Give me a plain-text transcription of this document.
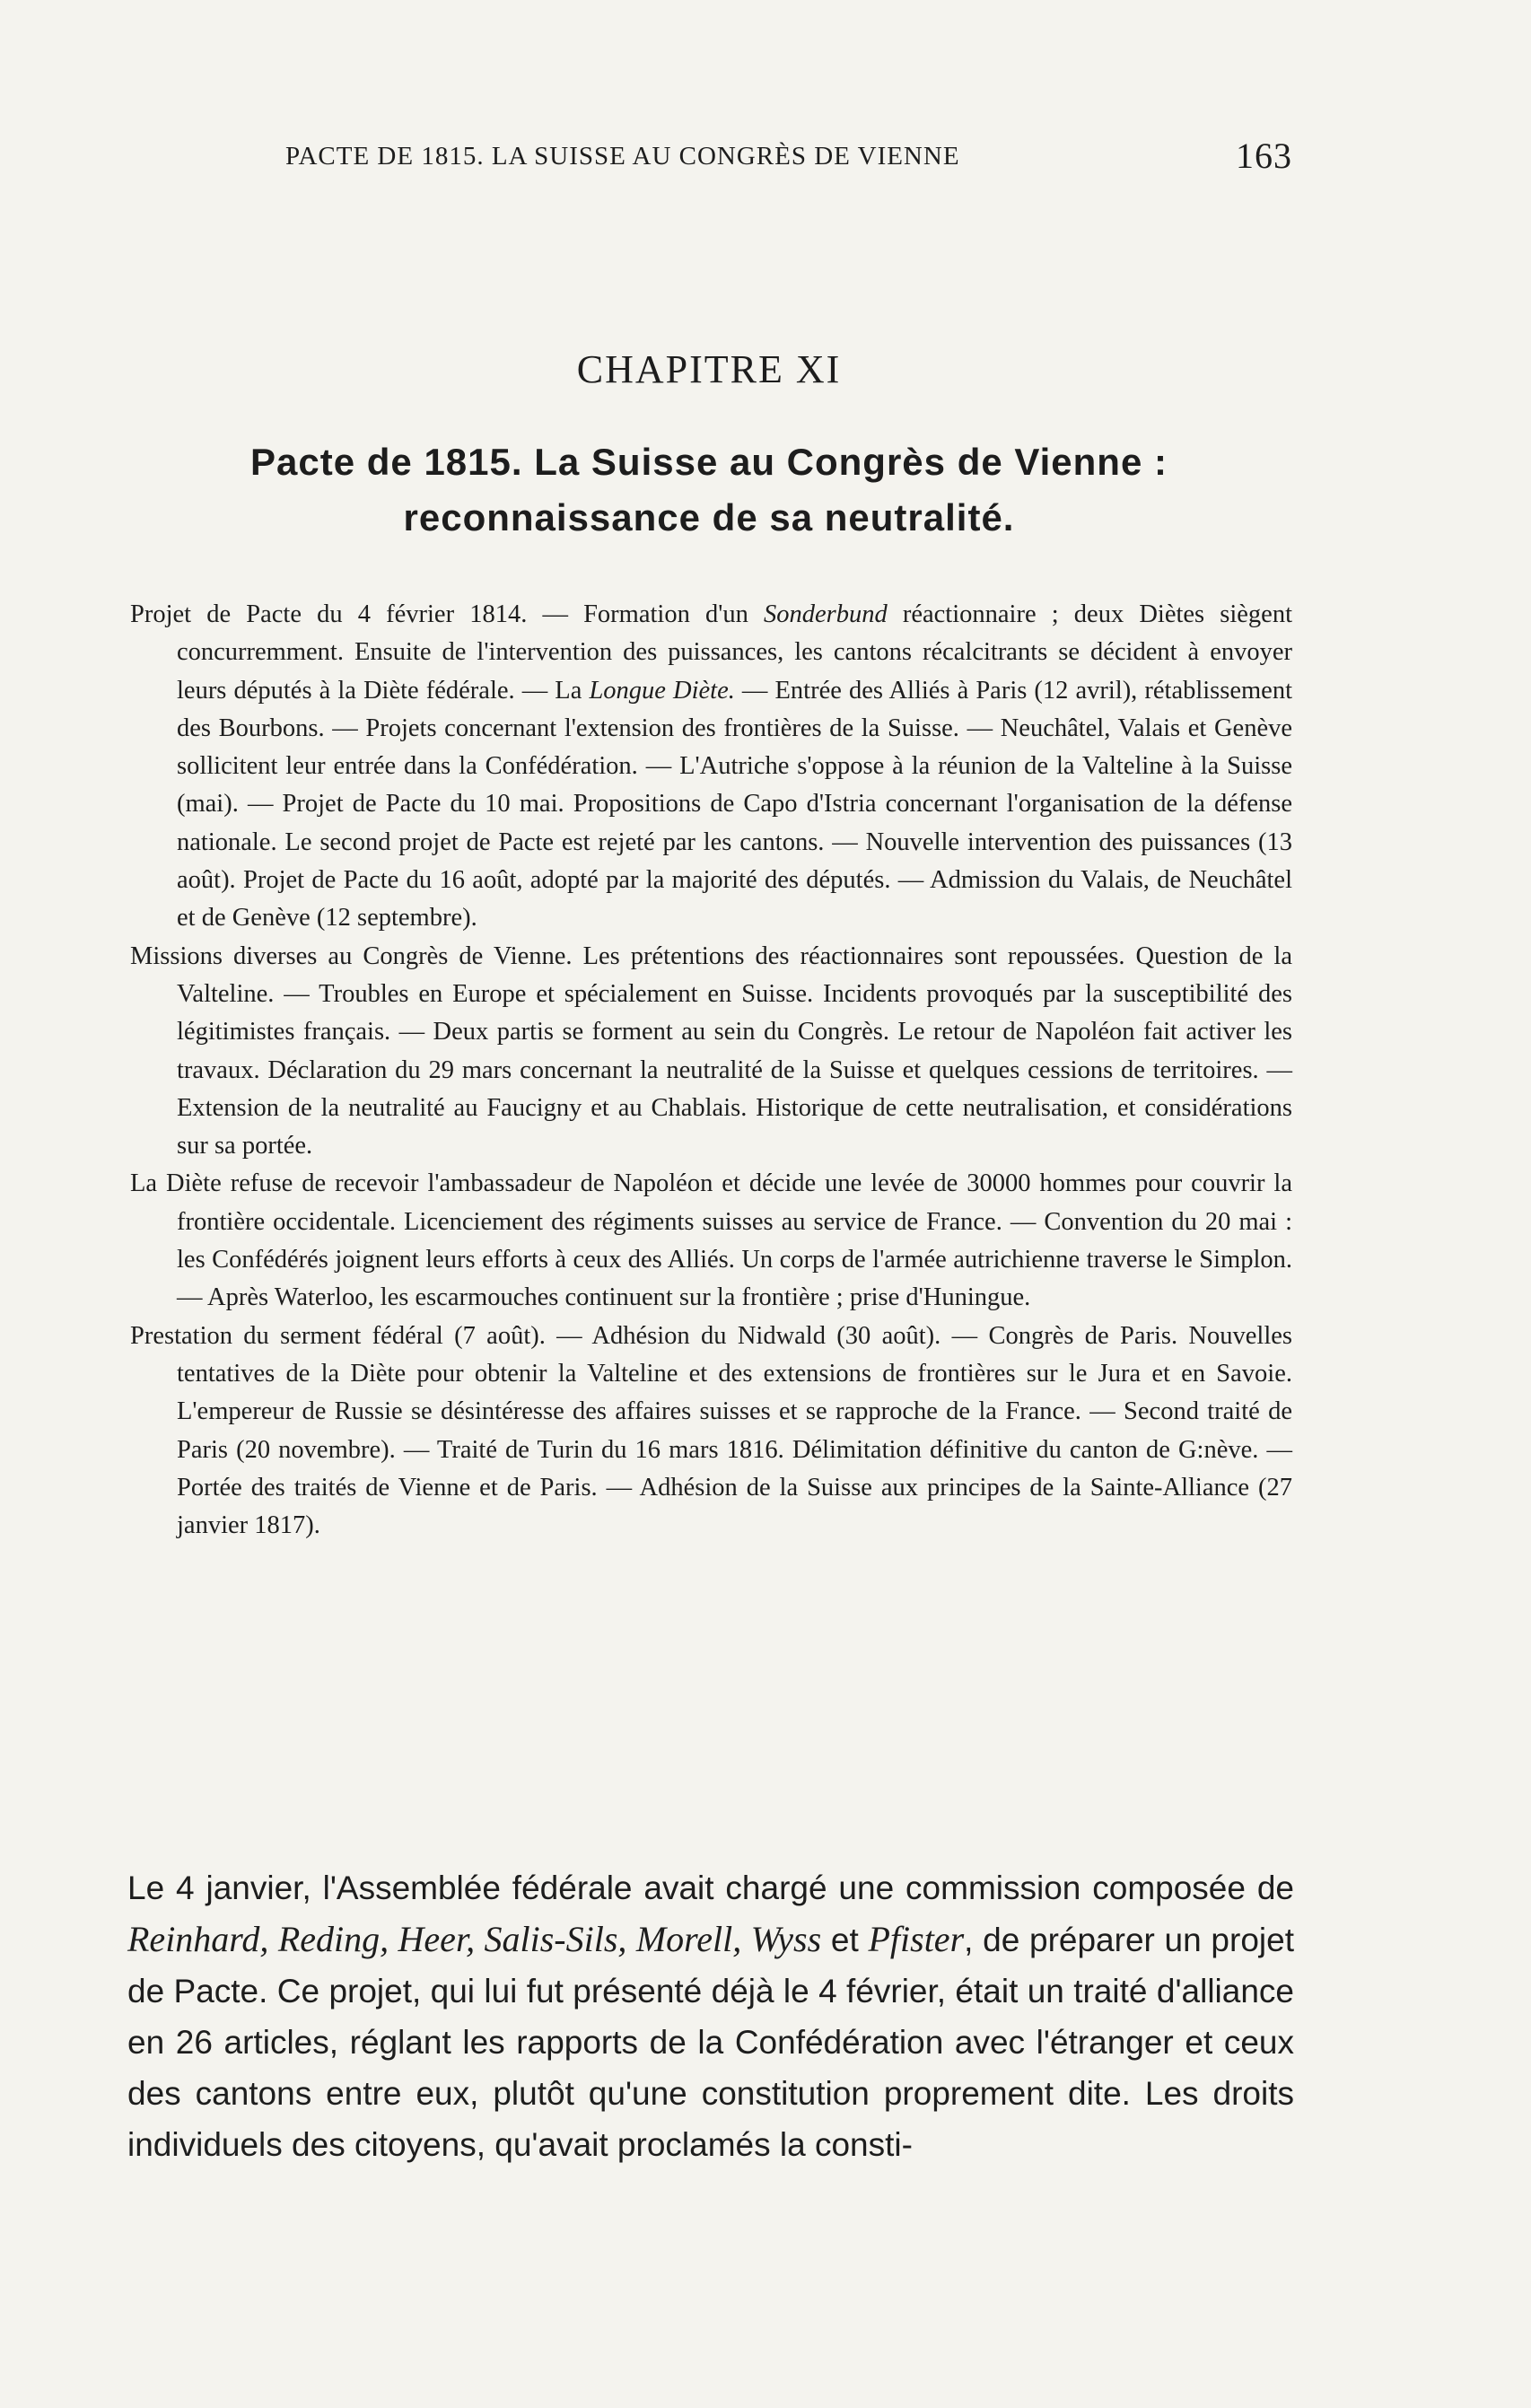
PACTE DE 1815. LA SUISSE AU CONGRÈS DE VIENNE	163
CHAPITRE XI
Pacte de 1815. La Suisse au Congrès de Vienne :
reconnaissance de sa neutralité.

Projet de Pacte du 4 février 1814. — Formation d'un Sonderbund réactionnaire ; deux Diètes siègent concurremment. Ensuite de l'intervention des puissances, les cantons récalcitrants se décident à envoyer leurs députés à la Diète fédérale. — La Longue Diète. — Entrée des Alliés à Paris (12 avril), rétablissement des Bourbons. — Projets concernant l'extension des frontières de la Suisse. — Neuchâtel, Valais et Genève sollicitent leur entrée dans la Confédération. — L'Autriche s'oppose à la réunion de la Valteline à la Suisse (mai). — Projet de Pacte du 10 mai. Propositions de Capo d'Istria concernant l'organisation de la défense nationale. Le second projet de Pacte est rejeté par les cantons. — Nouvelle intervention des puissances (13 août). Projet de Pacte du 16 août, adopté par la majorité des députés. — Admission du Valais, de Neuchâtel et de Genève (12 septembre).

Missions diverses au Congrès de Vienne. Les prétentions des réactionnaires sont repoussées. Question de la Valteline. — Troubles en Europe et spécialement en Suisse. Incidents provoqués par la susceptibilité des légitimistes français. — Deux partis se forment au sein du Congrès. Le retour de Napoléon fait activer les travaux. Déclaration du 29 mars concernant la neutralité de la Suisse et quelques cessions de territoires. — Extension de la neutralité au Faucigny et au Chablais. Historique de cette neutralisation, et considérations sur sa portée.

La Diète refuse de recevoir l'ambassadeur de Napoléon et décide une levée de 30000 hommes pour couvrir la frontière occidentale. Licenciement des régiments suisses au service de France. — Convention du 20 mai : les Confédérés joignent leurs efforts à ceux des Alliés. Un corps de l'armée autrichienne traverse le Simplon. — Après Waterloo, les escarmouches continuent sur la frontière ; prise d'Huningue.

Prestation du serment fédéral (7 août). — Adhésion du Nidwald (30 août). — Congrès de Paris. Nouvelles tentatives de la Diète pour obtenir la Valteline et des extensions de frontières sur le Jura et en Savoie. L'empereur de Russie se désintéresse des affaires suisses et se rapproche de la France. — Second traité de Paris (20 novembre). — Traité de Turin du 16 mars 1816. Délimitation définitive du canton de G:nève. — Portée des traités de Vienne et de Paris. — Adhésion de la Suisse aux principes de la Sainte-Alliance (27 janvier 1817).

Le 4 janvier, l'Assemblée fédérale avait chargé une commission composée de Reinhard, Reding, Heer, Salis-Sils, Morell, Wyss et Pfister, de préparer un projet de Pacte. Ce projet, qui lui fut présenté déjà le 4 février, était un traité d'alliance en 26 articles, réglant les rapports de la Confédération avec l'étranger et ceux des cantons entre eux, plutôt qu'une constitution proprement dite. Les droits individuels des citoyens, qu'avait proclamés la consti-
